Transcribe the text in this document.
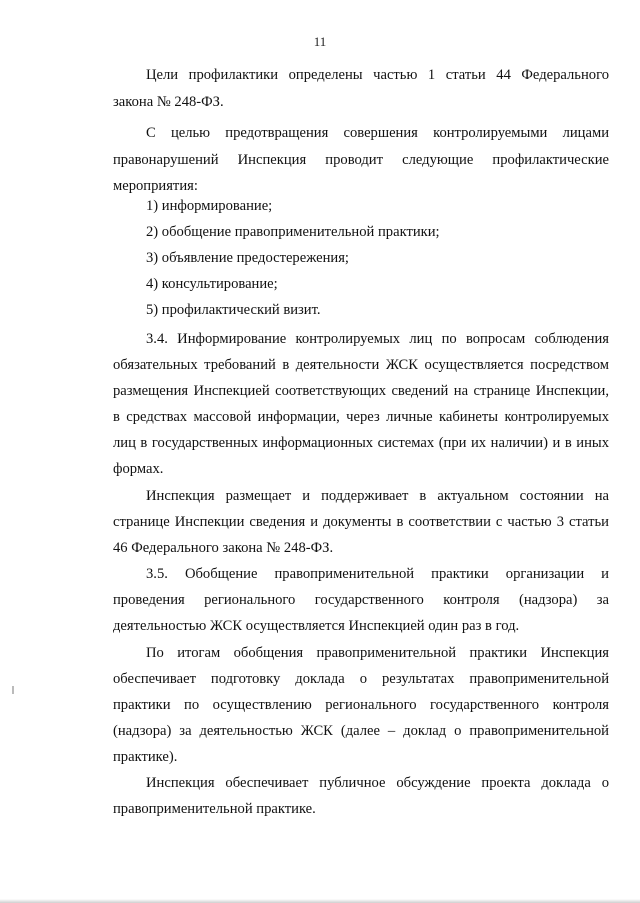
11
Цели профилактики определены частью 1 статьи 44 Федерального
закона № 248-ФЗ.
С целью предотвращения совершения контролируемыми лицами
правонарушений Инспекция проводит следующие профилактические
мероприятия:
1) информирование;
2) обобщение правоприменительной практики;
3) объявление предостережения;
4) консультирование;
5) профилактический визит.
3.4. Информирование контролируемых лиц по вопросам соблюдения
обязательных требований в деятельности ЖСК осуществляется посредством
размещения Инспекцией соответствующих сведений на странице Инспекции,
в средствах массовой информации, через личные кабинеты контролируемых
лиц в государственных информационных системах (при их наличии) и в иных
формах.
Инспекция размещает и поддерживает в актуальном состоянии на
странице Инспекции сведения и документы в соответствии с частью 3 статьи
46 Федерального закона № 248-ФЗ.
3.5. Обобщение правоприменительной практики организации и
проведения регионального государственного контроля (надзора) за
деятельностью ЖСК осуществляется Инспекцией один раз в год.
По итогам обобщения правоприменительной практики Инспекция
обеспечивает подготовку доклада о результатах правоприменительной
практики по осуществлению регионального государственного контроля
(надзора) за деятельностью ЖСК (далее – доклад о правоприменительной
практике).
Инспекция обеспечивает публичное обсуждение проекта доклада о
правоприменительной практике.
